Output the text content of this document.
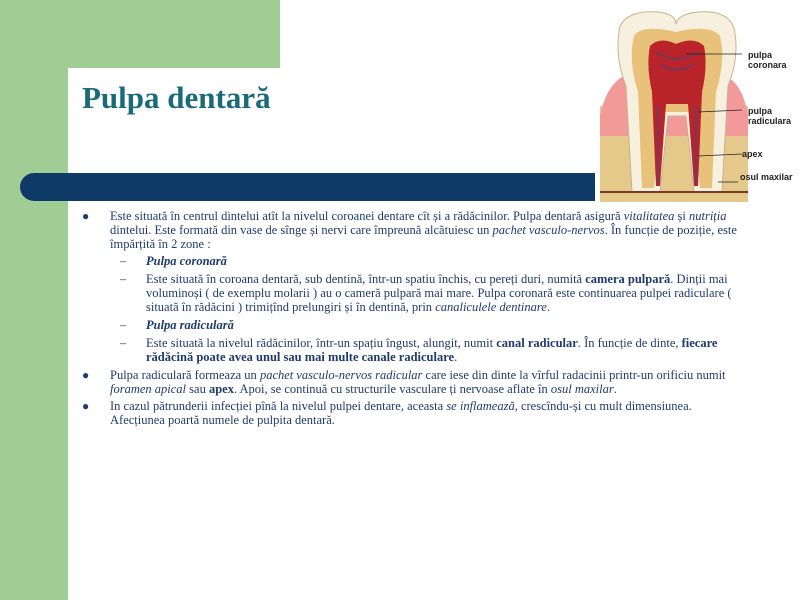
Pulpa dentară
pulpa coronara
pulpa radiculara
apex
osul maxilar
● Este situată în centrul dintelui atît la nivelul coroanei dentare cît și a rădăcinilor. Pulpa dentară asigură vitalitatea și nutriția dintelui. Este formată din vase de sînge și nervi care împreună alcătuiesc un pachet vasculo-nervos. În funcție de poziție, este împărțită în 2 zone :
– Pulpa coronară
– Este situată în coroana dentară, sub dentină, într-un spatiu închis, cu pereți duri, numită camera pulpară. Dinții mai voluminoși ( de exemplu molarii ) au o cameră pulpară mai mare. Pulpa coronară este continuarea pulpei radiculare ( situată în rădăcini ) trimițînd prelungiri și în dentină, prin canaliculele dentinare.
– Pulpa radiculară
– Este situată la nivelul rădăcinilor, într-un spațiu îngust, alungit, numit canal radicular. În funcție de dinte, fiecare rădăcină poate avea unul sau mai multe canale radiculare.
● Pulpa radiculară formeaza un pachet vasculo-nervos radicular care iese din dinte la vîrful radacinii printr-un orificiu numit foramen apical sau apex. Apoi, se continuă cu structurile vasculare ți nervoase aflate în osul maxilar.
● In cazul pătrunderii infecției pînă la nivelul pulpei dentare, aceasta se inflamează, crescîndu-și cu mult dimensiunea. Afecțiunea poartă numele de pulpita dentară.
